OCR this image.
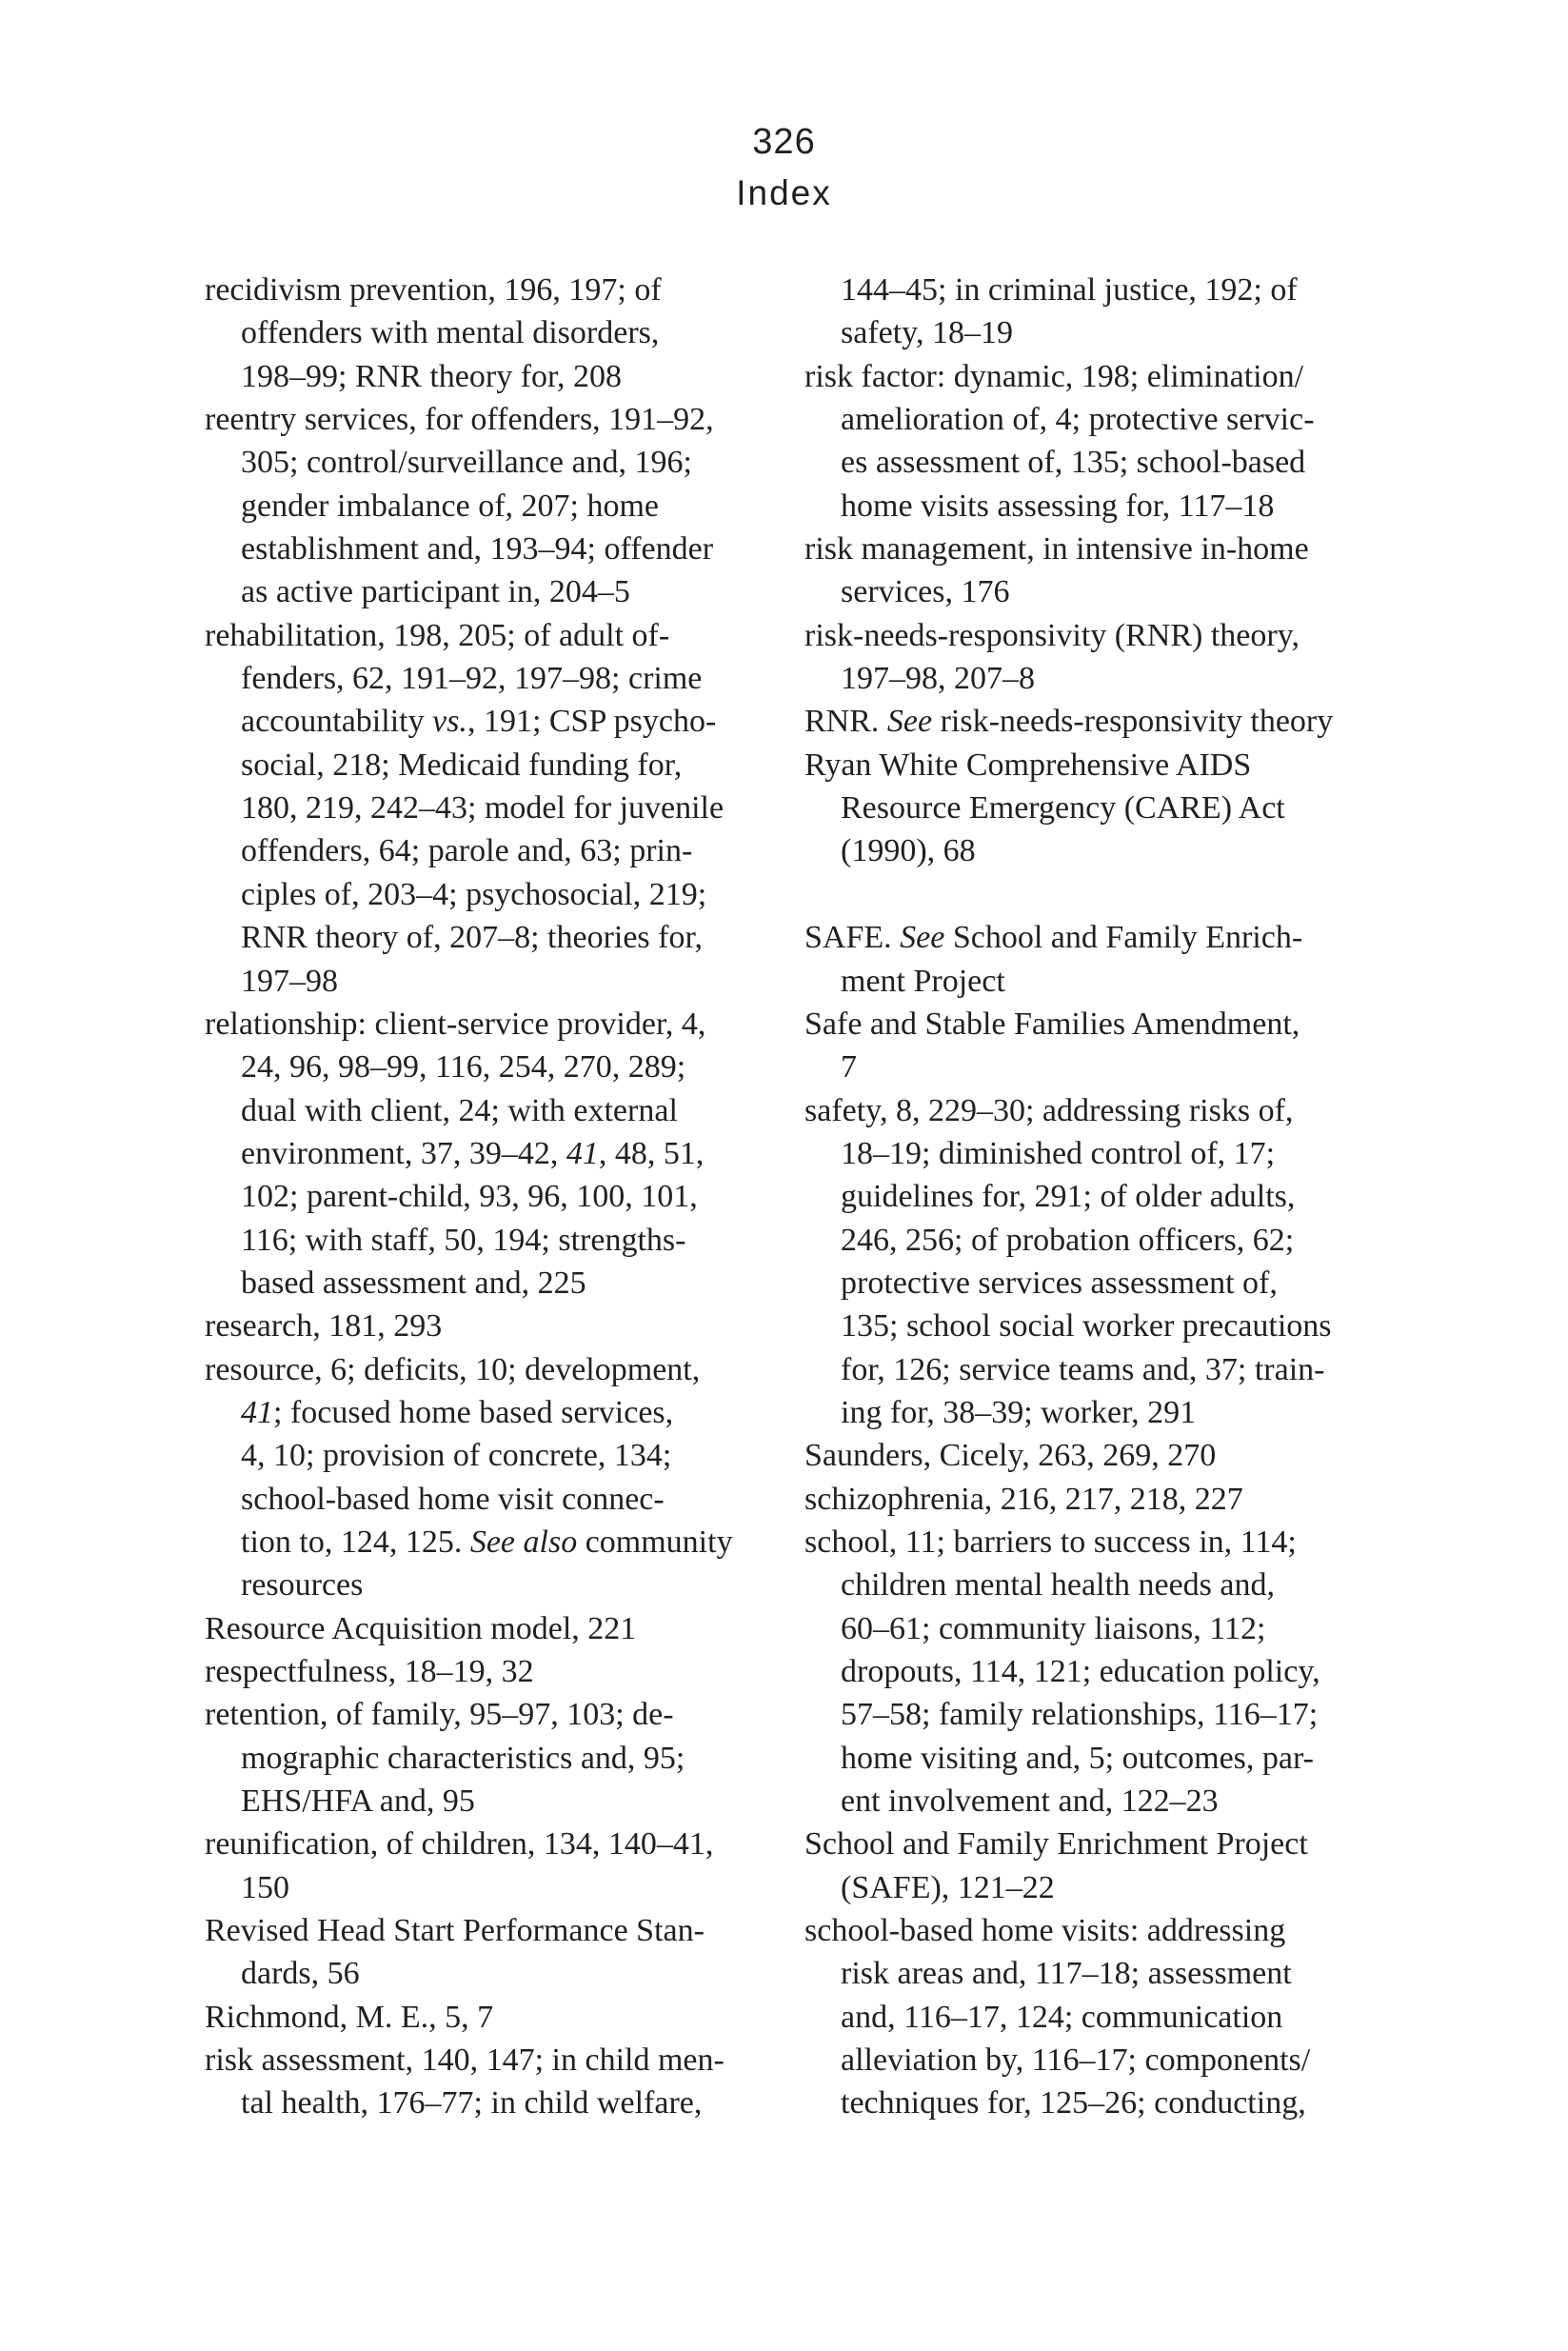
326
Index
recidivism prevention, 196, 197; of
offenders with mental disorders,
198–99; RNR theory for, 208
reentry services, for offenders, 191–92,
305; control/surveillance and, 196;
gender imbalance of, 207; home
establishment and, 193–94; offender
as active participant in, 204–5
rehabilitation, 198, 205; of adult of-
fenders, 62, 191–92, 197–98; crime
accountability vs., 191; CSP psycho-
social, 218; Medicaid funding for,
180, 219, 242–43; model for juvenile
offenders, 64; parole and, 63; prin-
ciples of, 203–4; psychosocial, 219;
RNR theory of, 207–8; theories for,
197–98
relationship: client-service provider, 4,
24, 96, 98–99, 116, 254, 270, 289;
dual with client, 24; with external
environment, 37, 39–42, 41, 48, 51,
102; parent-child, 93, 96, 100, 101,
116; with staff, 50, 194; strengths-
based assessment and, 225
research, 181, 293
resource, 6; deficits, 10; development,
41; focused home based services,
4, 10; provision of concrete, 134;
school-based home visit connec-
tion to, 124, 125. See also community
resources
Resource Acquisition model, 221
respectfulness, 18–19, 32
retention, of family, 95–97, 103; de-
mographic characteristics and, 95;
EHS/HFA and, 95
reunification, of children, 134, 140–41,
150
Revised Head Start Performance Stan-
dards, 56
Richmond, M. E., 5, 7
risk assessment, 140, 147; in child men-
tal health, 176–77; in child welfare,
144–45; in criminal justice, 192; of
safety, 18–19
risk factor: dynamic, 198; elimination/
amelioration of, 4; protective servic-
es assessment of, 135; school-based
home visits assessing for, 117–18
risk management, in intensive in-home
services, 176
risk-needs-responsivity (RNR) theory,
197–98, 207–8
RNR. See risk-needs-responsivity theory
Ryan White Comprehensive AIDS
Resource Emergency (CARE) Act
(1990), 68
SAFE. See School and Family Enrich-
ment Project
Safe and Stable Families Amendment,
7
safety, 8, 229–30; addressing risks of,
18–19; diminished control of, 17;
guidelines for, 291; of older adults,
246, 256; of probation officers, 62;
protective services assessment of,
135; school social worker precautions
for, 126; service teams and, 37; train-
ing for, 38–39; worker, 291
Saunders, Cicely, 263, 269, 270
schizophrenia, 216, 217, 218, 227
school, 11; barriers to success in, 114;
children mental health needs and,
60–61; community liaisons, 112;
dropouts, 114, 121; education policy,
57–58; family relationships, 116–17;
home visiting and, 5; outcomes, par-
ent involvement and, 122–23
School and Family Enrichment Project
(SAFE), 121–22
school-based home visits: addressing
risk areas and, 117–18; assessment
and, 116–17, 124; communication
alleviation by, 116–17; components/
techniques for, 125–26; conducting,
